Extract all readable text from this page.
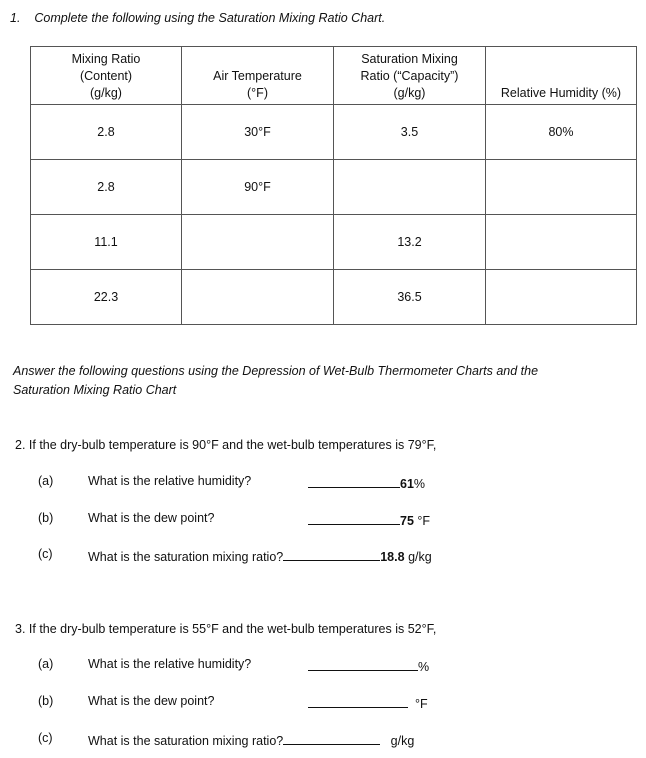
1. Complete the following using the Saturation Mixing Ratio Chart.
Mixing Ratio
(Content)
(g/kg)	Air Temperature
(°F)	Saturation Mixing
Ratio (“Capacity”)
(g/kg)	Relative Humidity (%)

2.8	30°F	3.5	80%
2.8	90°F		
11.1		13.2	
22.3		36.5	
Answer the following questions using the Depression of Wet-Bulb Thermometer Charts and the
Saturation Mixing Ratio Chart
2. If the dry-bulb temperature is 90°F and the wet-bulb temperatures is 79°F,
(a)	What is the relative humidity?	61%
(b)	What is the dew point?	75 °F
(c)	What is the saturation mixing ratio?	18.8 g/kg
3. If the dry-bulb temperature is 55°F and the wet-bulb temperatures is 52°F,
(a)	What is the relative humidity?	%
(b)	What is the dew point?	°F
(c)	What is the saturation mixing ratio?	g/kg
